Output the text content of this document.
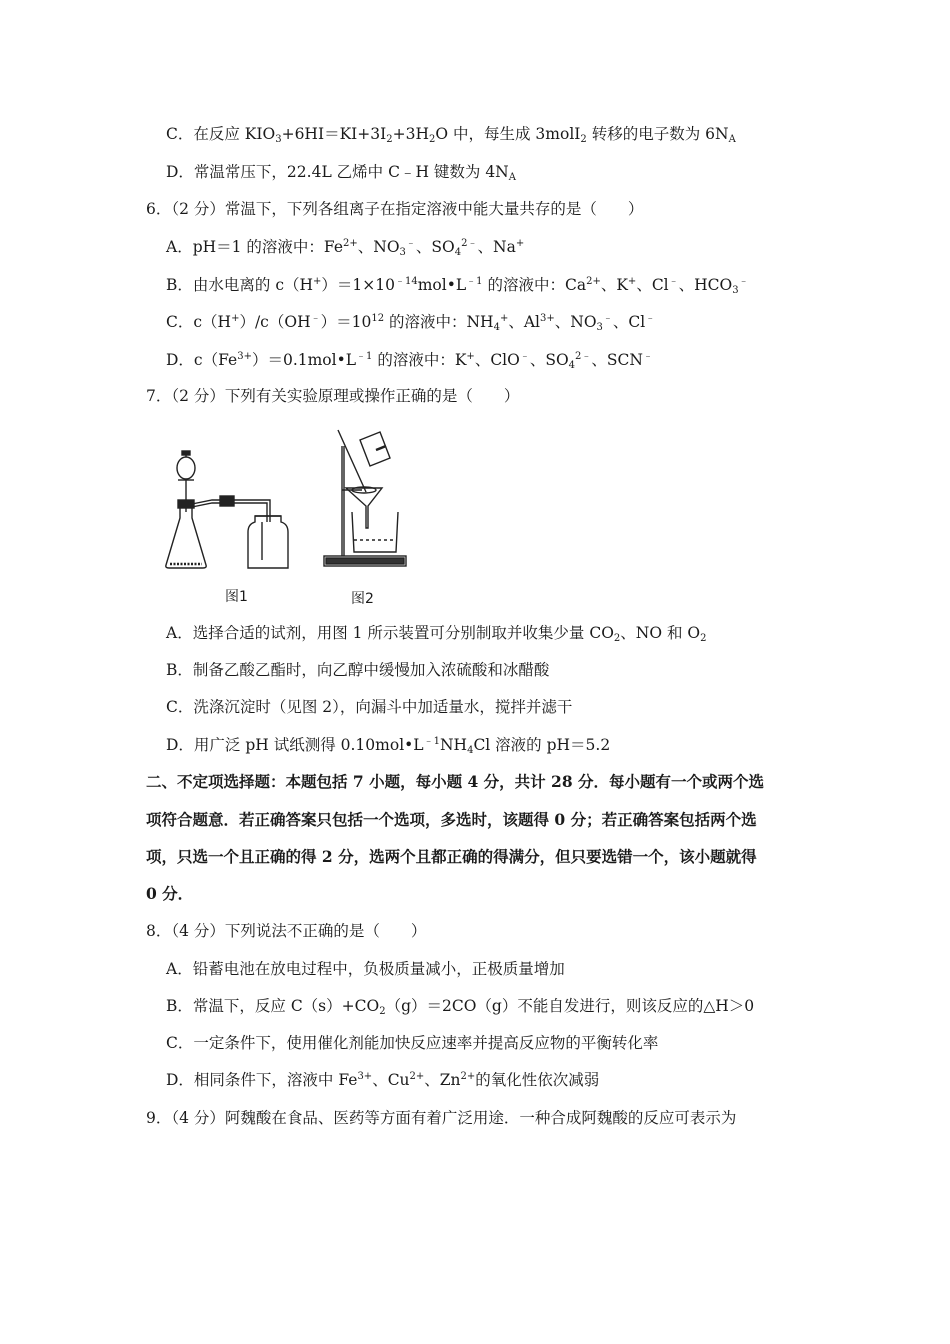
C．在反应 $KIO_3+6HI=KI+3I_2+3H_2O$ 中，每生成 3molI$_2$ 转移的电子数为 $6N_A$
D．常温常压下，22.4L 乙烯中 C﹣H 键数为 $4N_A$
6．（2 分）常温下，下列各组离子在指定溶液中能大量共存的是（　　）
A．pH＝1 的溶液中：$Fe^{2+}$、$NO_3^﹣$、$SO_4^{2﹣}$、Na+
B．由水电离的 $c(H^+)=1\times 10^{﹣14}mol•L^{﹣1}$ 的溶液中：$Ca^{2+}$、K+、Cl﹣、$HCO_3^﹣$
C．$c(H^+)/c(OH^﹣)=10^{12}$ 的溶液中：$NH_4^+$、$Al^{3+}$、$NO_3^﹣$、Cl﹣
D．$c(Fe^{3+})=0.1mol•L^{﹣1}$ 的溶液中：K+、ClO﹣、$SO_4^{2﹣}$、SCN﹣
7．（2 分）下列有关实验原理或操作正确的是（　　）
图1	图2
A．选择合适的试剂，用图 1 所示装置可分别制取并收集少量 $CO_2$、NO 和 $O_2$
B．制备乙酸乙酯时，向乙醇中缓慢加入浓硫酸和冰醋酸
C．洗涤沉淀时（见图 2），向漏斗中加适量水，搅拌并滤干
D．用广泛 pH 试纸测得 $0.10mol•L^{﹣1}NH_4Cl$ 溶液的 pH＝5.2
二、不定项选择题：本题包括 7 小题，每小题 4 分，共计 28 分．每小题有一个或两个选
项符合题意．若正确答案只包括一个选项，多选时，该题得 0 分；若正确答案包括两个选
项，只选一个且正确的得 2 分，选两个且都正确的得满分，但只要选错一个，该小题就得
0 分．
8．（4 分）下列说法不正确的是（　　）
A．铅蓄电池在放电过程中，负极质量减小，正极质量增加
B．常温下，反应 $C(s)+CO_2(g)=2CO(g)$不能自发进行，则该反应的△H＞0
C．一定条件下，使用催化剂能加快反应速率并提高反应物的平衡转化率
D．相同条件下，溶液中 $Fe^{3+}$、$Cu^{2+}$、$Zn^{2+}$的氧化性依次减弱
9．（4 分）阿魏酸在食品、医药等方面有着广泛用途．一种合成阿魏酸的反应可表示为
